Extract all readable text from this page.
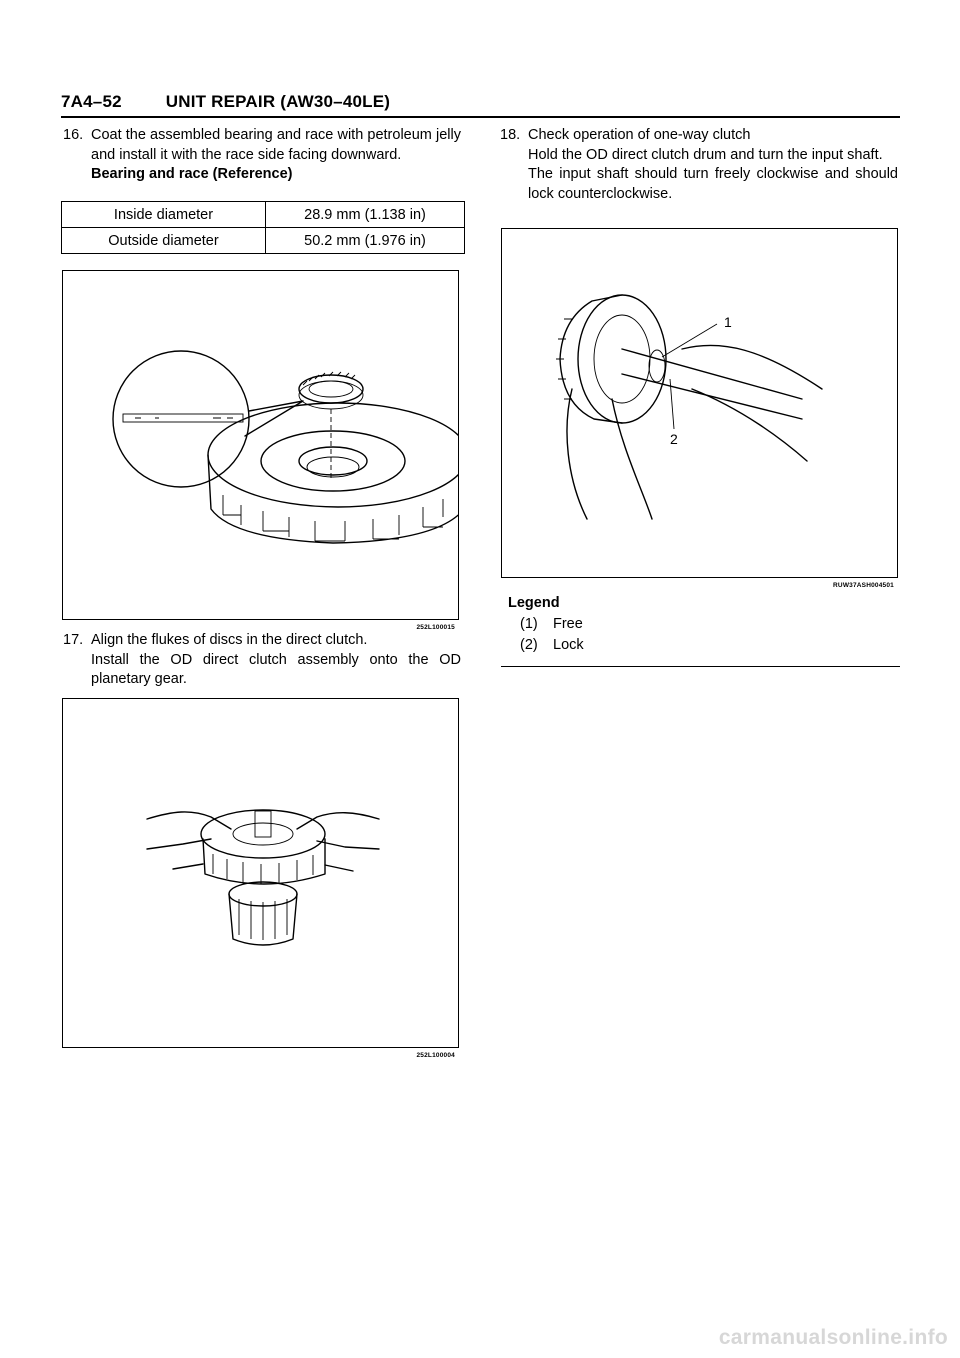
7A4–52	UNIT REPAIR (AW30–40LE)
16. Coat the assembled bearing and race with petroleum jelly and install it with the race side facing downward.

Bearing and race (Reference)

Inside diameter	28.9 mm (1.138 in)
Outside diameter	50.2 mm (1.976 in)
252L100015
17. Align the flukes of discs in the direct clutch.

Install the OD direct clutch assembly onto the OD planetary gear.

252L100004
18. Check operation of one-way clutch

Hold the OD direct clutch drum and turn the input shaft.

The input shaft should turn freely clockwise and should lock counterclockwise.

1
2
RUW37ASH004501
Legend
(1)	Free
(2)	Lock
carmanualsonline.info
